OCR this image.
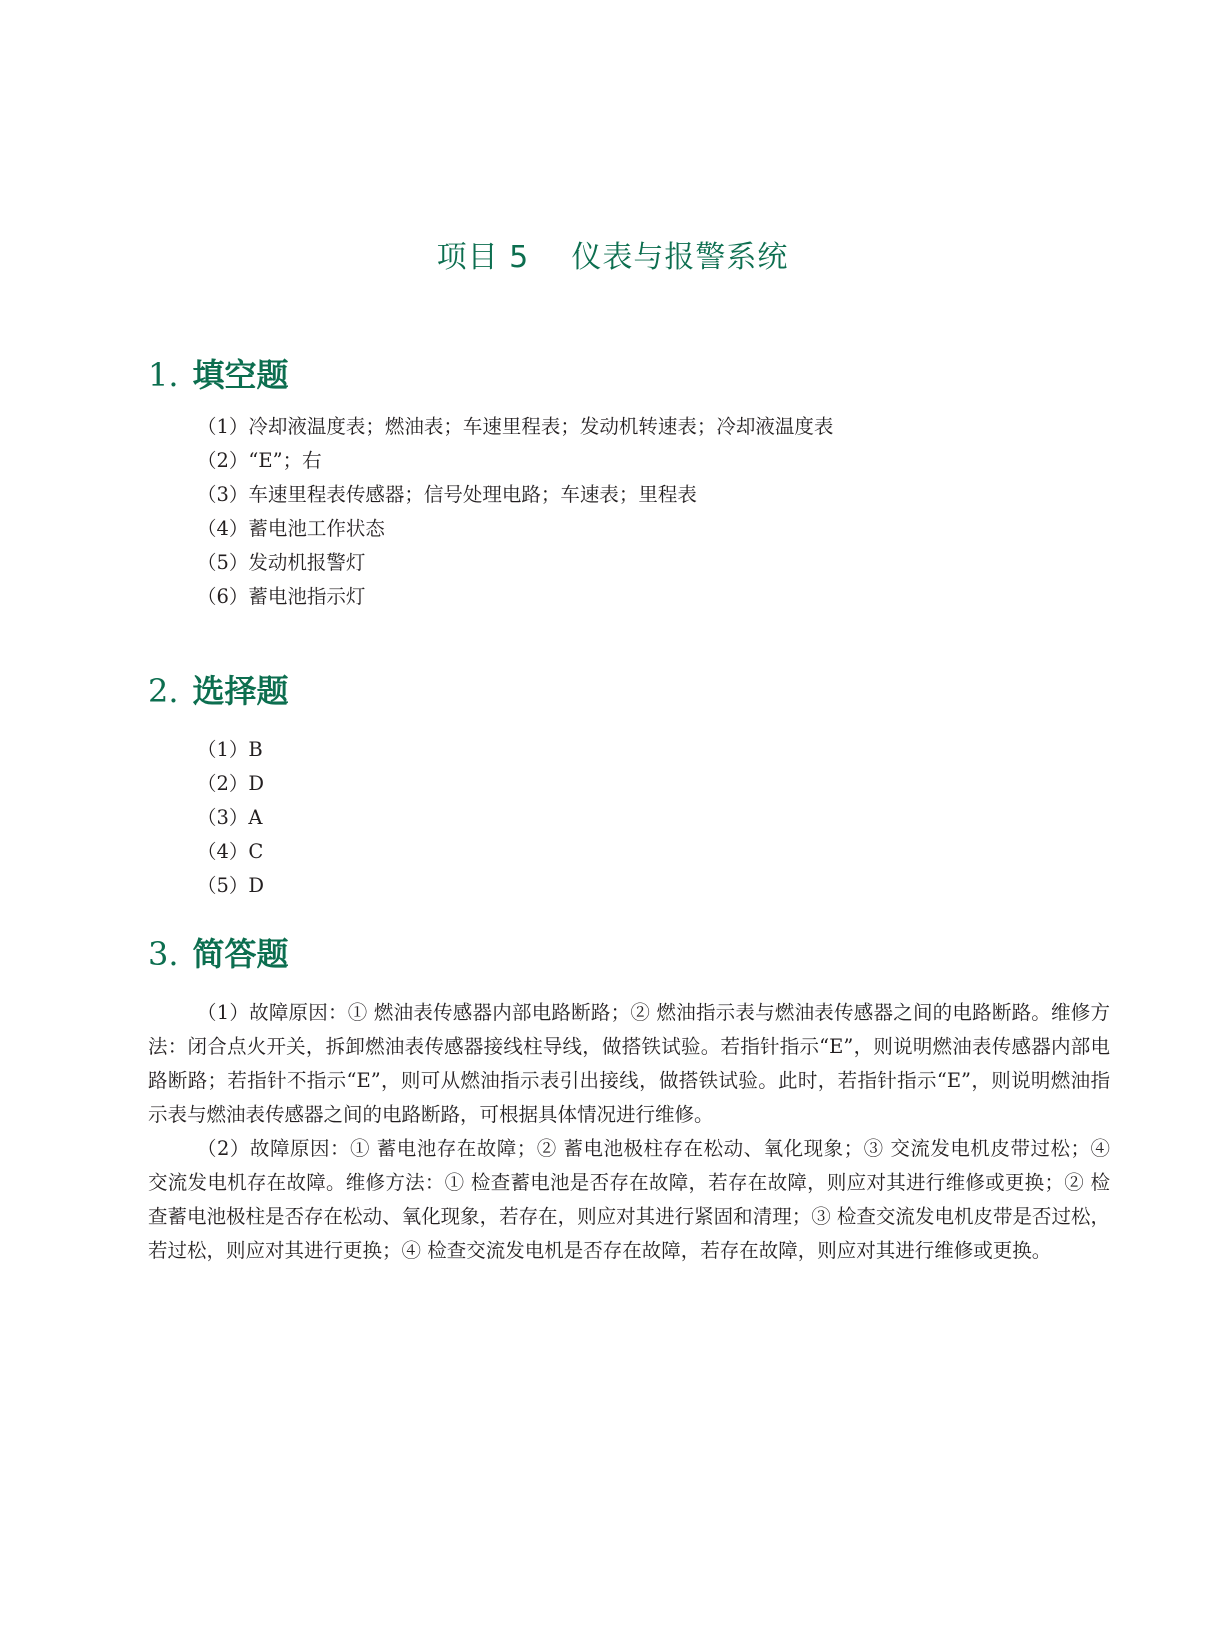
项目 5    仪表与报警系统
1. 填空题
（1）冷却液温度表；燃油表；车速里程表；发动机转速表；冷却液温度表
（2）“E”；右
（3）车速里程表传感器；信号处理电路；车速表；里程表
（4）蓄电池工作状态
（5）发动机报警灯
（6）蓄电池指示灯
2. 选择题
（1）B
（2）D
（3）A
（4）C
（5）D
3. 简答题

（1）故障原因：① 燃油表传感器内部电路断路；② 燃油指示表与燃油表传感器之间的电路断路。维修方法：闭合点火开关，拆卸燃油表传感器接线柱导线，做搭铁试验。若指针指示“E”，则说明燃油表传感器内部电路断路；若指针不指示“E”，则可从燃油指示表引出接线，做搭铁试验。此时，若指针指示“E”，则说明燃油指示表与燃油表传感器之间的电路断路，可根据具体情况进行维修。

（2）故障原因：① 蓄电池存在故障；② 蓄电池极柱存在松动、氧化现象；③ 交流发电机皮带过松；④ 交流发电机存在故障。维修方法：① 检查蓄电池是否存在故障，若存在故障，则应对其进行维修或更换；② 检查蓄电池极柱是否存在松动、氧化现象，若存在，则应对其进行紧固和清理；③ 检查交流发电机皮带是否过松，若过松，则应对其进行更换；④ 检查交流发电机是否存在故障，若存在故障，则应对其进行维修或更换。
